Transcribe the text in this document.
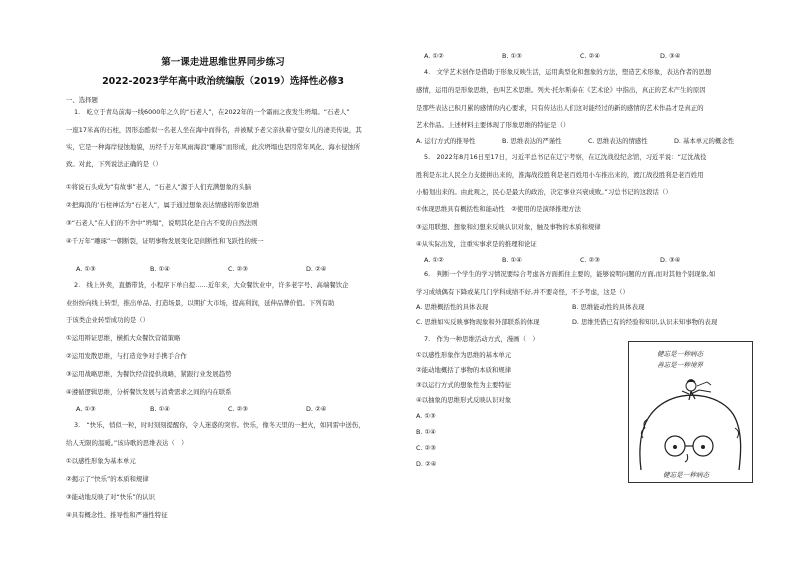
第一课走进思维世界同步练习
2022-2023学年高中政治统编版（2019）选择性必修3
一、选择题
1.　屹立于青岛前海一线6000年之久的“石老人”，在2022年的一个霜雨之夜发生坍塌。“石老人”
一座17米高的石柱，因形态酷似一名老人坐在海中而得名，并被赋予老父亲执着守望女儿的凄美传说，其
实，它是一种海岸侵蚀地貌，历经千万年风雨海浪“雕琢”而形成，此次坍塌也是因常年风化、海水侵蚀所
致。对此，下列说法正确的是（）
①将说石头成为“有故事”老人，“石老人”源于人们充满想象的头脑
②把海浪的‘石柱神话为“石老人”，属于通过想象表达情感的形象思维
③“石老人”在人们的不舍中“坍塌”，说明其化是自古不变的自然法则
④千万年“雕琢”一朝断裂，证明事物发展变化是间断性和飞跃性的统一
A. ①③	B. ①④	C. ②③	D. ②④
2.　线上外卖，直播带货，小程序下单自提……近年来，大众餐饮业中，许多老字号、高端餐饮企
业纷纷向线上转型，推出单品、打造场景，以期扩大市场，提高利润，延伸品牌价值。下列有助
于该类企业转型成功的是（）
①运用辩证思维，横抓大众餐饮营销策略
②运用发散思维，与打造竞争对手携手合作
③运用战略思维，为餐饮经营提供战略，紧跟行业发展趋势
④遵循逻辑思维，分析餐饮发展与消费需求之间的内在联系
A. ①③	B. ①④	C. ②③	D. ②④
3.　“快乐，悄似一粒，时时刻刻提醒你，令人迷惑的突容。快乐，像冬天里的一把火，如同雷中送伤，
给人无限的温暖。”该诗歌的思维表达（　）
①以感性形象为基本单元
②揭示了“快乐”的本质和规律
③能动地反映了对“快乐”的认识
④具有概念性、推导性和严谨性特征
A. ①②	B. ①③	C. ②④	D. ③④
4.　文学艺术创作是借助于形象反映生活，运用典型化和想象的方法，塑造艺术形象，表达作者的思想
感情，运用的是形象思维，也叫艺术思维。列夫·托尔斯泰在《艺术论》中指出，真正的艺术产生的原因
是那些表达已积月累的感情的内心要求，只有传达出人们这对能经过的新的感情的艺术作品才是真正的
艺术作品。上述材料主要体现了形象思维的特征是（）
A. 运行方式的推导性	B. 思维表达的严谨性	C. 思维表达的情感性	D. 基本单元的概念性
5.　2022年8月16日至17日，习近平总书记在辽宁考察，在辽沈战役纪念馆，习近平说：“辽沈战役
胜利是东北人民全力支援拼出来的，淮海战役胜利是老百姓用小车推出来的，渡江战役胜利是老百姓用
小船划出来的。由此观之，民心是最大的政治，决定事业兴衰成败。”习总书记的这段话（）
①体现思维具有概括性和能动性　②使用的是演绎推理方法
③运用联想、想象和幻想来反映认识对象，触及事物的本质和规律
④从实际出发，注重实事求是的推理和论证
A. ①②	B. ①④	C. ②③	D. ③④
6.　判断一个学生的学习情况要综合考虑各方面抓住主要的，能够说明问题的方面,而对其他个别现象,如
学习成绩偶有下降或某几门学科成绩不好,并不要奇怪，不予考虑，这是（）
A. 思维概括性的具体表现	B. 思维能动性的具体表现
C. 思维如实反映事物现象和外部联系的体现	D. 思维凭借已有的经验和知识,认识未知事物的表现
7.　作为一种思维活动方式，漫画（　）
①以感性形象作为思维的基本单元
②能动地概括了事物的本质和规律
③以运行方式的想象性为主要特征
④以抽象的思维形式反映认识对象
A. ①③
B. ①④
C. ②③
D. ②④
健忘是一种病态
善忘是一种境界
健忘是一种病态
